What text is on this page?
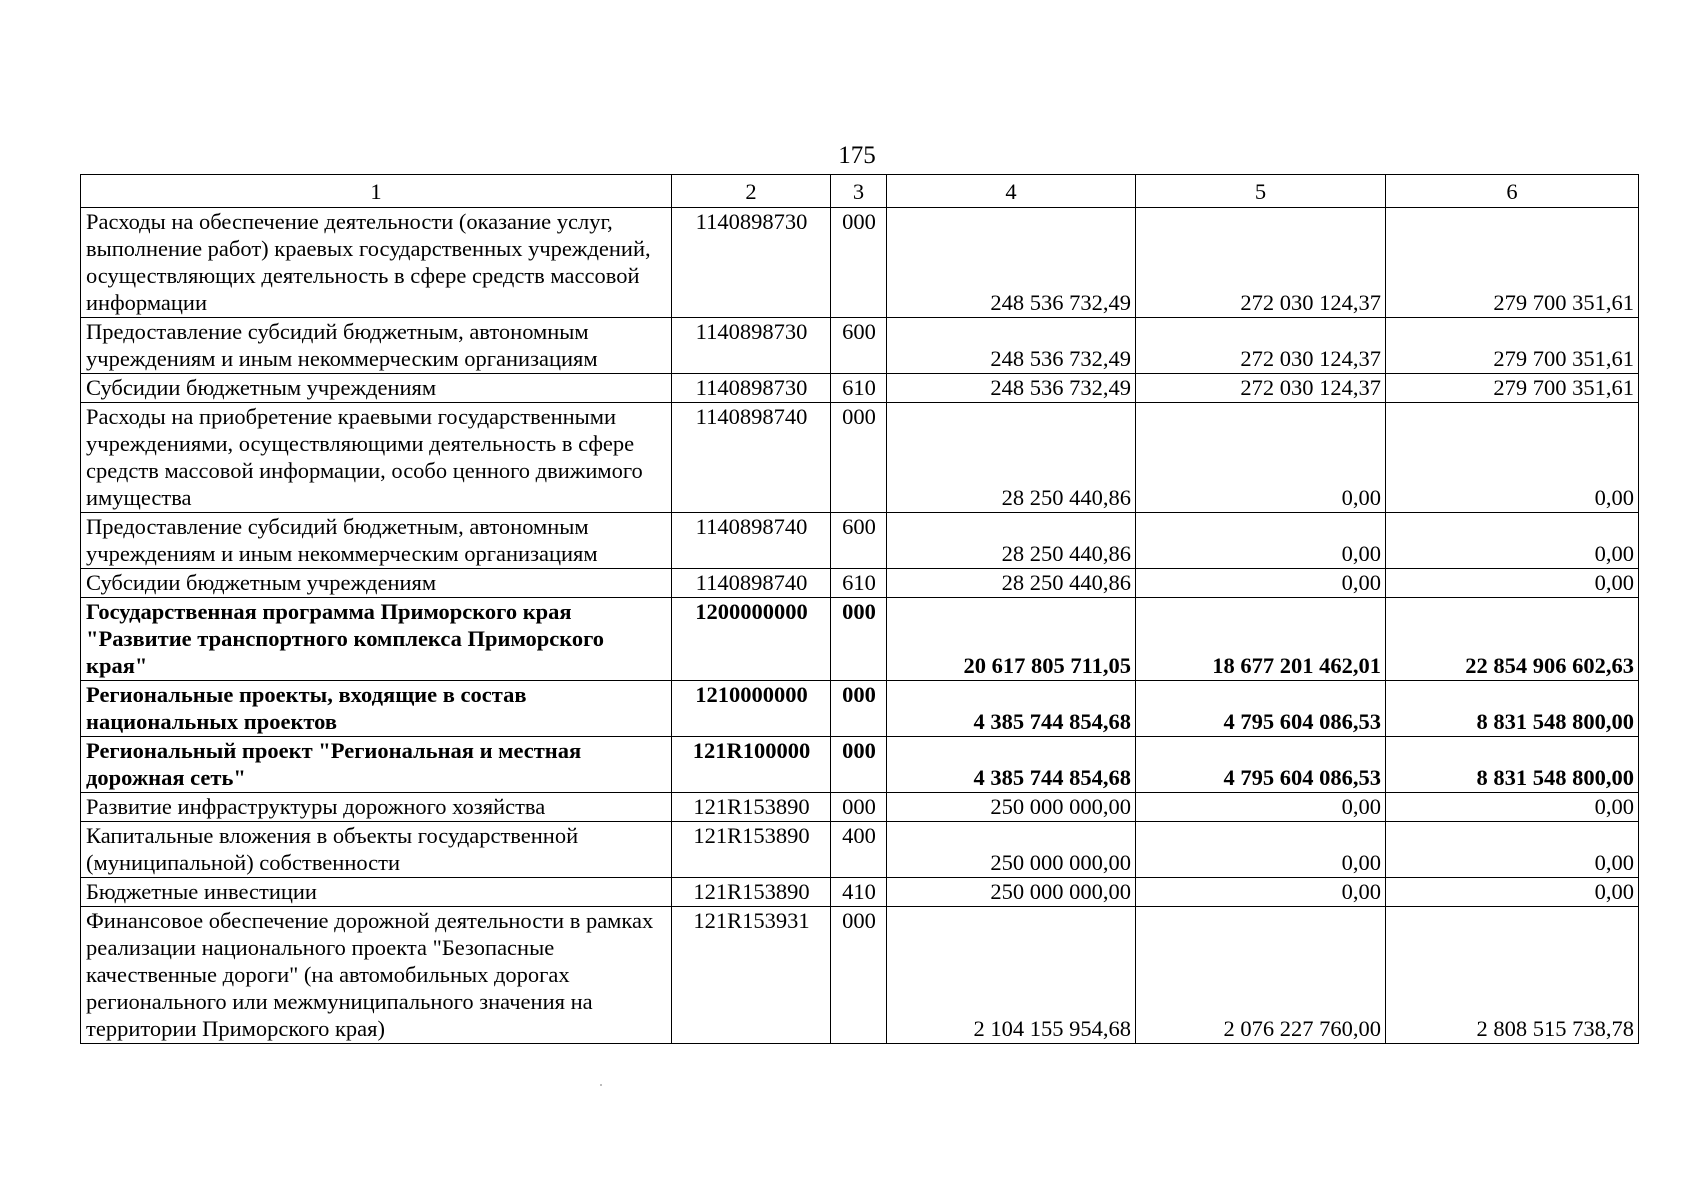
175
1	2	3	4	5	6
Расходы на обеспечение деятельности (оказание услуг, выполнение работ) краевых государственных учреждений, осуществляющих деятельность в сфере средств массовой информации	1140898730	000	248 536 732,49	272 030 124,37	279 700 351,61
Предоставление субсидий бюджетным, автономным учреждениям и иным некоммерческим организациям	1140898730	600	248 536 732,49	272 030 124,37	279 700 351,61
Субсидии бюджетным учреждениям	1140898730	610	248 536 732,49	272 030 124,37	279 700 351,61
Расходы на приобретение краевыми государственными учреждениями, осуществляющими деятельность в сфере средств массовой информации, особо ценного движимого имущества	1140898740	000	28 250 440,86	0,00	0,00
Предоставление субсидий бюджетным, автономным учреждениям и иным некоммерческим организациям	1140898740	600	28 250 440,86	0,00	0,00
Субсидии бюджетным учреждениям	1140898740	610	28 250 440,86	0,00	0,00
Государственная программа Приморского края "Развитие транспортного комплекса Приморского края"	1200000000	000	20 617 805 711,05	18 677 201 462,01	22 854 906 602,63
Региональные проекты, входящие в состав национальных проектов	1210000000	000	4 385 744 854,68	4 795 604 086,53	8 831 548 800,00
Региональный проект "Региональная и местная дорожная сеть"	121R100000	000	4 385 744 854,68	4 795 604 086,53	8 831 548 800,00
Развитие инфраструктуры дорожного хозяйства	121R153890	000	250 000 000,00	0,00	0,00
Капитальные вложения в объекты государственной (муниципальной) собственности	121R153890	400	250 000 000,00	0,00	0,00
Бюджетные инвестиции	121R153890	410	250 000 000,00	0,00	0,00
Финансовое обеспечение дорожной деятельности в рамках реализации национального проекта "Безопасные качественные дороги" (на автомобильных дорогах регионального или межмуниципального значения на территории Приморского края)	121R153931	000	2 104 155 954,68	2 076 227 760,00	2 808 515 738,78
